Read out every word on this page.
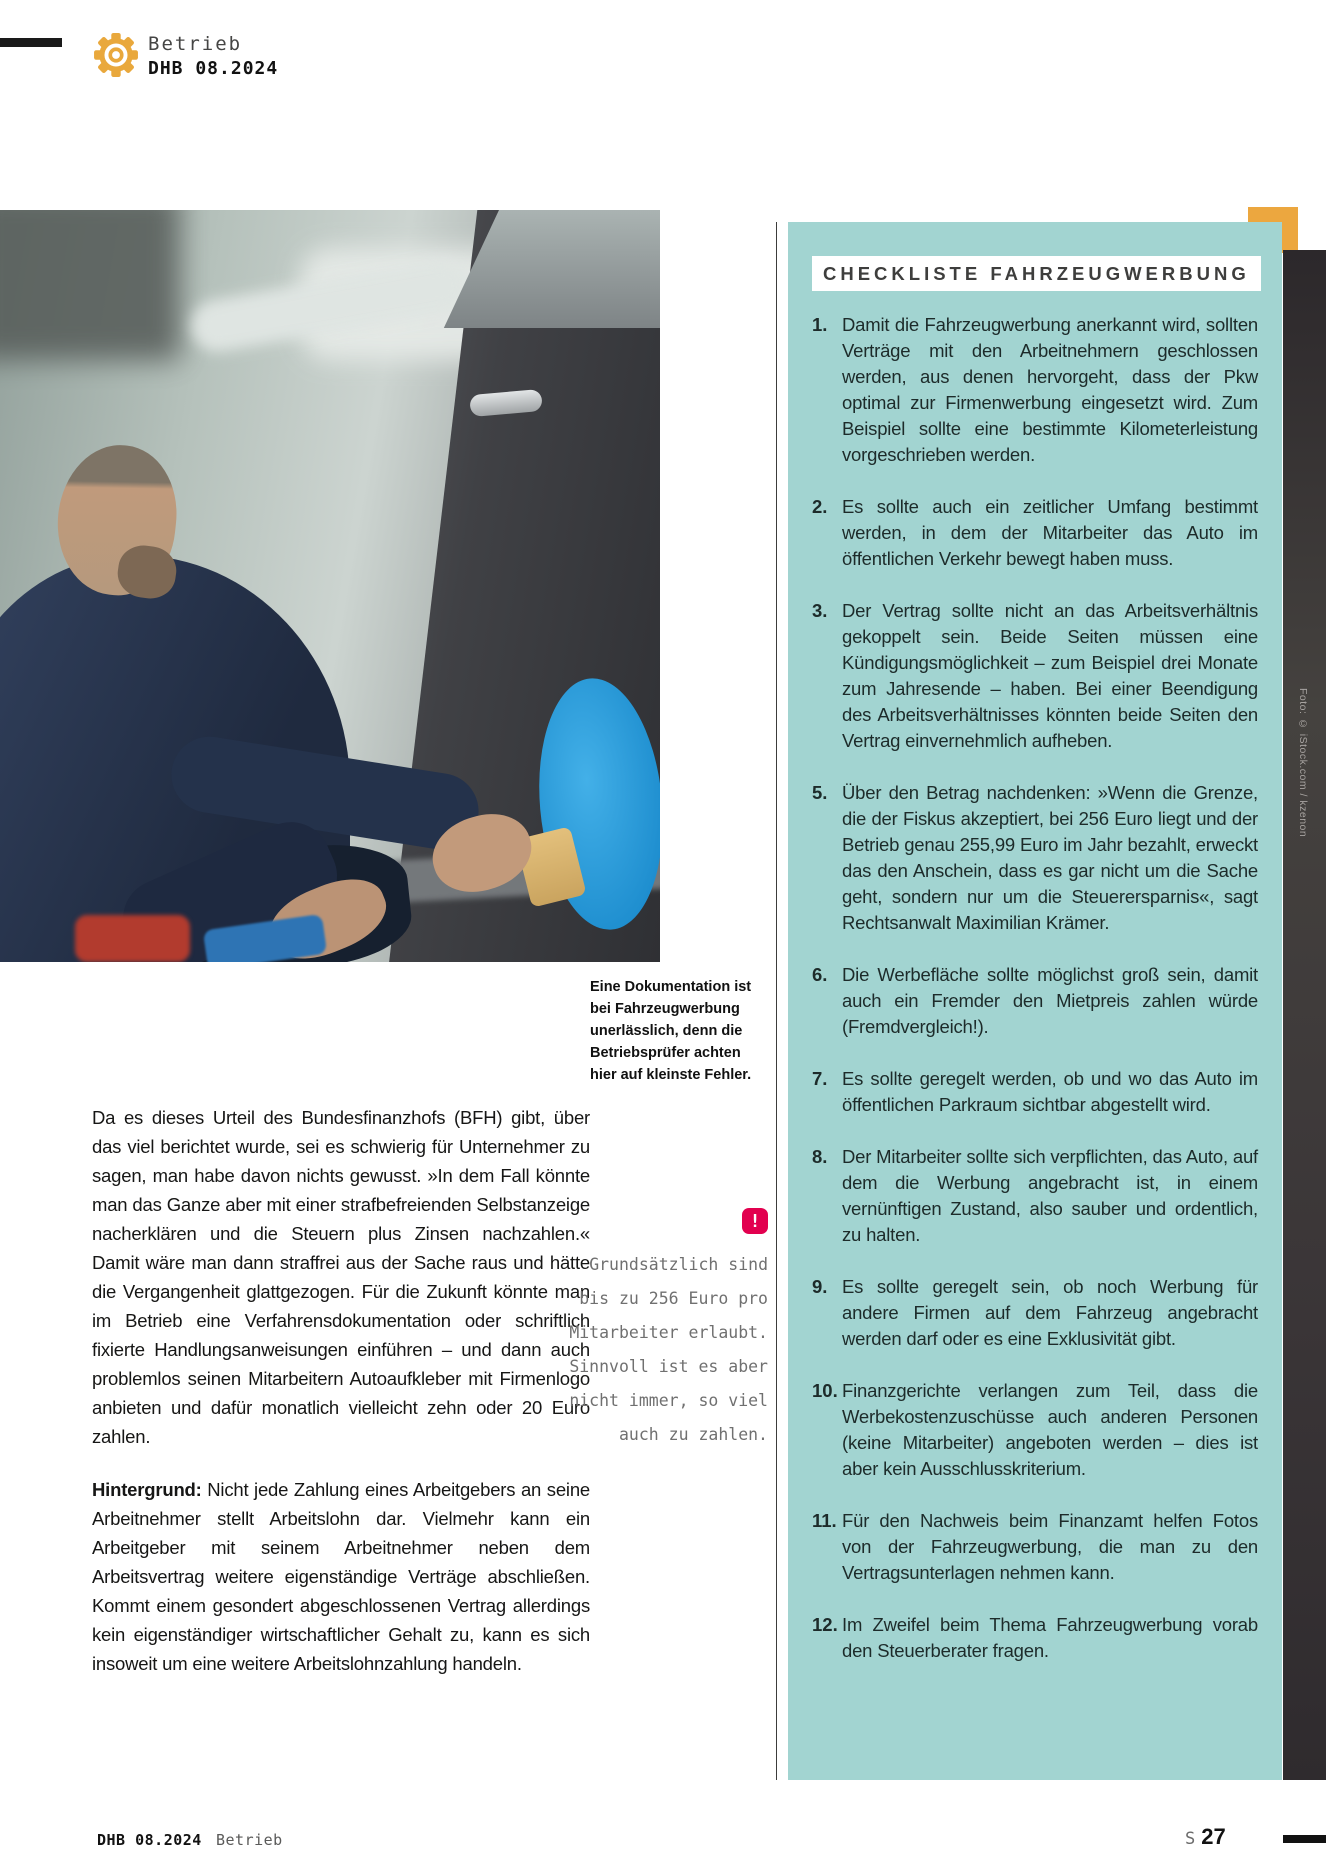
Betrieb
DHB 08.2024
Eine Dokumentation ist bei Fahrzeugwerbung unerlässlich, denn die Betriebsprüfer achten hier auf kleinste Fehler.
Foto: © iStock.com / kzenon
CHECKLISTE FAHRZEUGWERBUNG
1. Damit die Fahrzeugwerbung anerkannt wird, sollten Verträge mit den Arbeitnehmern geschlossen werden, aus denen hervorgeht, dass der Pkw optimal zur Firmenwerbung eingesetzt wird. Zum Beispiel sollte eine bestimmte Kilometerleistung vorgeschrieben werden.
2. Es sollte auch ein zeitlicher Umfang bestimmt werden, in dem der Mitarbeiter das Auto im öffentlichen Verkehr bewegt haben muss.
3. Der Vertrag sollte nicht an das Arbeitsverhältnis gekoppelt sein. Beide Seiten müssen eine Kündigungsmöglichkeit – zum Beispiel drei Monate zum Jahresende – haben. Bei einer Beendigung des Arbeitsverhältnisses könnten beide Seiten den Vertrag einvernehmlich aufheben.
5. Über den Betrag nachdenken: »Wenn die Grenze, die der Fiskus akzeptiert, bei 256 Euro liegt und der Betrieb genau 255,99 Euro im Jahr bezahlt, erweckt das den Anschein, dass es gar nicht um die Sache geht, sondern nur um die Steuerersparnis«, sagt Rechtsanwalt Maximilian Krämer.
6. Die Werbefläche sollte möglichst groß sein, damit auch ein Fremder den Mietpreis zahlen würde (Fremdvergleich!).
7. Es sollte geregelt werden, ob und wo das Auto im öffentlichen Parkraum sichtbar abgestellt wird.
8. Der Mitarbeiter sollte sich verpflichten, das Auto, auf dem die Werbung angebracht ist, in einem vernünftigen Zustand, also sauber und ordentlich, zu halten.
9. Es sollte geregelt sein, ob noch Werbung für andere Firmen auf dem Fahrzeug angebracht werden darf oder es eine Exklusivität gibt.
10. Finanzgerichte verlangen zum Teil, dass die Werbekostenzuschüsse auch anderen Personen (keine Mitarbeiter) angeboten werden – dies ist aber kein Ausschlusskriterium.
11. Für den Nachweis beim Finanzamt helfen Fotos von der Fahrzeugwerbung, die man zu den Vertragsunterlagen nehmen kann.
12. Im Zweifel beim Thema Fahrzeugwerbung vorab den Steuerberater fragen.

Da es dieses Urteil des Bundesfinanzhofs (BFH) gibt, über das viel berichtet wurde, sei es schwierig für Unternehmer zu sagen, man habe davon nichts gewusst. »In dem Fall könnte man das Ganze aber mit einer strafbefreienden Selbstanzeige nacherklären und die Steuern plus Zinsen nachzahlen.« Damit wäre man dann straffrei aus der Sache raus und hätte die Vergangenheit glattgezogen. Für die Zukunft könnte man im Betrieb eine Verfahrensdokumentation oder schriftlich fixierte Handlungsanweisungen einführen – und dann auch problemlos seinen Mitarbeitern Autoaufkleber mit Firmenlogo anbieten und dafür monatlich vielleicht zehn oder 20 Euro zahlen.

Hintergrund: Nicht jede Zahlung eines Arbeitgebers an seine Arbeitnehmer stellt Arbeitslohn dar. Vielmehr kann ein Arbeitgeber mit seinem Arbeitnehmer neben dem Arbeitsvertrag weitere eigenständige Verträge abschließen. Kommt einem gesondert abgeschlossenen Vertrag allerdings kein eigenständiger wirtschaftlicher Gehalt zu, kann es sich insoweit um eine weitere Arbeitslohnzahlung handeln.

!
Grundsätzlich sind bis zu 256 Euro pro Mitarbeiter erlaubt. Sinnvoll ist es aber nicht immer, so viel auch zu zahlen.
DHB 08.2024 Betrieb	S 27
